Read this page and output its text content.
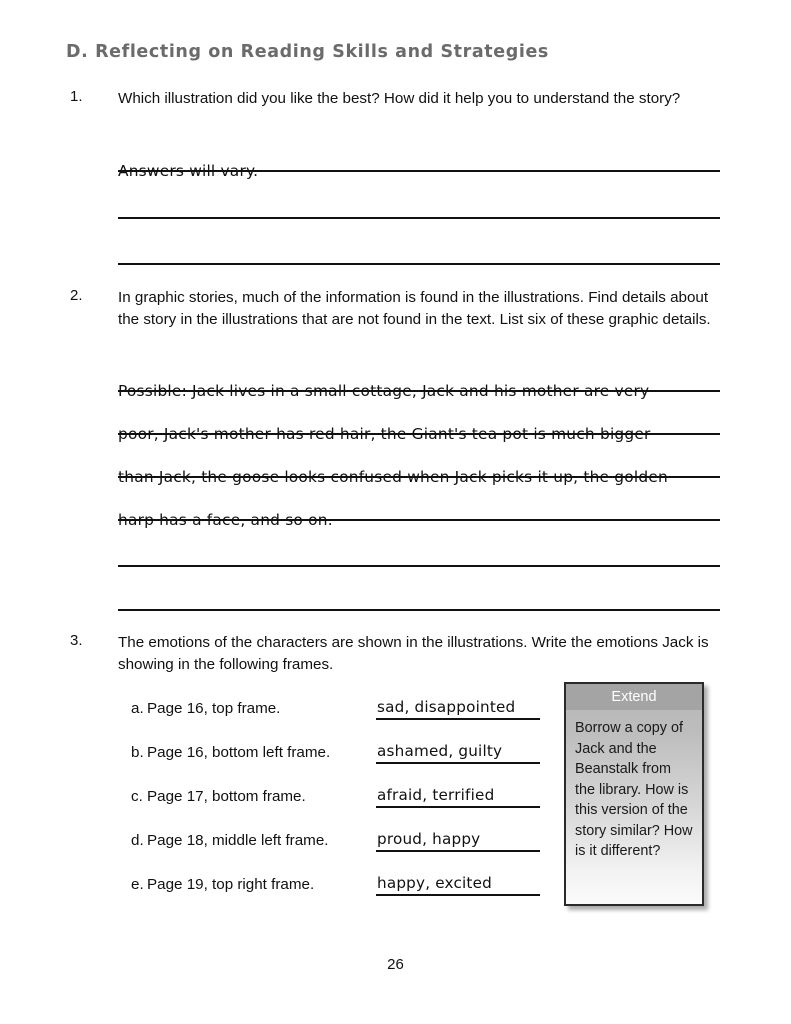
D. Reflecting on Reading Skills and Strategies
1. Which illustration did you like the best? How did it help you to understand the story?
Answers will vary.
2. In graphic stories, much of the information is found in the illustrations. Find details about the story in the illustrations that are not found in the text. List six of these graphic details.
Possible: Jack lives in a small cottage, Jack and his mother are very
poor, Jack's mother has red hair, the Giant's tea pot is much bigger
than Jack, the goose looks confused when Jack picks it up, the golden
harp has a face, and so on.
3. The emotions of the characters are shown in the illustrations. Write the emotions Jack is showing in the following frames.
a. Page 16, top frame.	sad, disappointed
b. Page 16, bottom left frame.	ashamed, guilty
c. Page 17, bottom frame.	afraid, terrified
d. Page 18, middle left frame.	proud, happy
e. Page 19, top right frame.	happy, excited
Extend
Borrow a copy of Jack and the Beanstalk from the library. How is this version of the story similar? How is it different?
26
